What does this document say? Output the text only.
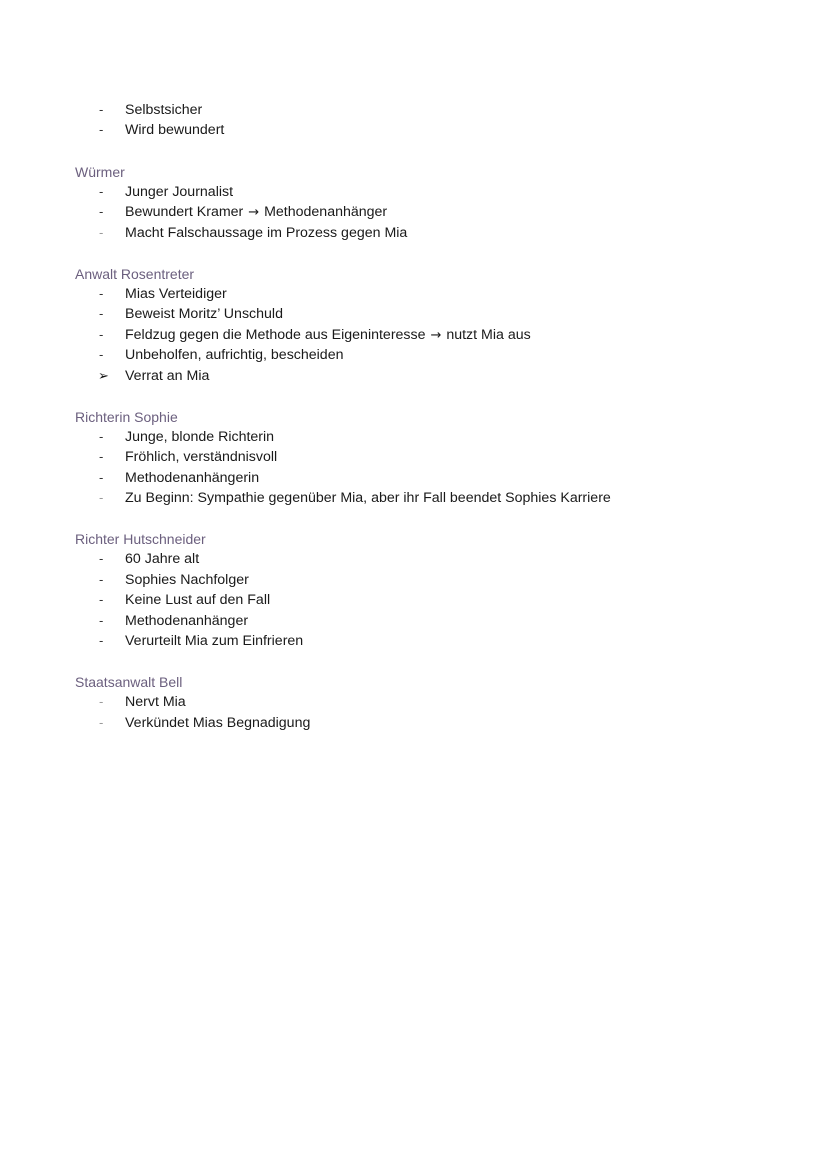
-	Selbstsicher
-	Wird bewundert
Würmer
-	Junger Journalist
-	Bewundert Kramer → Methodenanhänger
-	Macht Falschaussage im Prozess gegen Mia
Anwalt Rosentreter
-	Mias Verteidiger
-	Beweist Moritz’ Unschuld
-	Feldzug gegen die Methode aus Eigeninteresse → nutzt Mia aus
-	Unbeholfen, aufrichtig, bescheiden
➢ Verrat an Mia
Richterin Sophie
-	Junge, blonde Richterin
-	Fröhlich, verständnisvoll
-	Methodenanhängerin
-	Zu Beginn: Sympathie gegenüber Mia, aber ihr Fall beendet Sophies Karriere
Richter Hutschneider
-	60 Jahre alt
-	Sophies Nachfolger
-	Keine Lust auf den Fall
-	Methodenanhänger
-	Verurteilt Mia zum Einfrieren
Staatsanwalt Bell
-	Nervt Mia
-	Verkündet Mias Begnadigung
